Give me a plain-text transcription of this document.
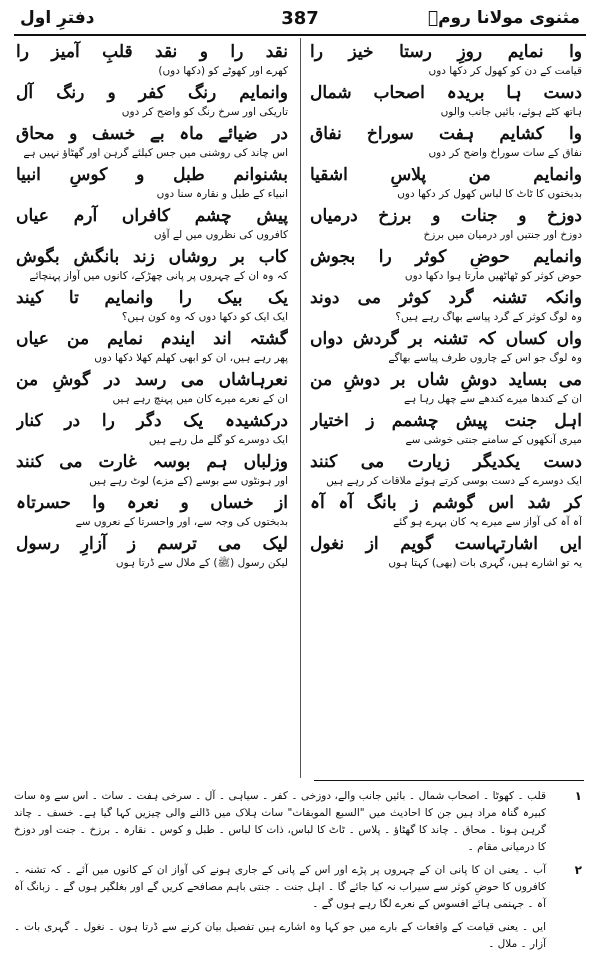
مثنوی مولانا رومؒ
387
دفترِ اول
وا نمایم روزِ رستا خیز را
قیامت کے دن کو کھول کر دکھا دوں
دست ہا بریدہ اصحاب شمال
ہاتھ کٹے ہوئے، بائیں جانب والوں
وا کشایم ہفت سوراخ نفاق
نفاق کے سات سوراخ واضح کر دوں
وانمایم من پلاسِ اشقیا
بدبختوں کا ٹاٹ کا لباس کھول کر دکھا دوں
دوزخ و جنات و برزخ درمیاں
دوزخ اور جنتیں اور درمیان میں برزخ
وانمایم حوضِ کوثر را بجوش
حوض کوثر کو ٹھاٹھیں مارتا ہوا دکھا دوں
وانکہ تشنہ گرد کوثر می دوند
وہ لوگ کوثر کے گرد پیاسے بھاگ رہے ہیں؟
واں کساں کہ تشنہ بر گردش دواں
وہ لوگ جو اس کے چاروں طرف پیاسے بھاگے
می بساید دوشِ شاں بر دوشِ من
ان کے کندھا میرے کندھے سے چھل رہا ہے
اہل جنت پیش چشمم ز اختیار
میری آنکھوں کے سامنے جنتی خوشی سے
دست یکدیگر زیارت می کنند
ایک دوسرے کے دست بوسی کرتے ہوئے ملاقات کر رہے ہیں
کر شد اس گوشم ز بانگ آہ آہ
آہ آہ کی آواز سے میرے یہ کان بہرے ہو گئے
ایں اشارتہاست گویم از نغول
یہ تو اشارے ہیں، گہری بات (بھی) کہتا ہوں
نقد را و نقد قلبِ آمیز را
کھرے اور کھوٹے کو (دکھا دوں)
وانمایم رنگ کفر و رنگ آل
تاریکی اور سرخ رنگ کو واضح کر دوں
در ضیائے ماہ بے خسف و محاق
اس چاند کی روشنی میں جس کیلئے گرہن اور گھٹاؤ نہیں ہے
بشنوانم طبل و کوسِ انبیا
انبیاء کے طبل و نقارہ سنا دوں
پیش چشم کافراں آرم عیاں
کافروں کی نظروں میں لے آؤں
کاب بر روشاں زند بانگش بگوش
کہ وہ ان کے چہروں پر پانی چھڑکے، کانوں میں آواز پہنچائے
یک بیک را وانمایم تا کیند
ایک ایک کو دکھا دوں کہ وہ کون ہیں؟
گشتہ اند ایندم نمایم من عیاں
پھر رہے ہیں، ان کو ابھی کھلم کھلا دکھا دوں
نعرہاشاں می رسد در گوشِ من
ان کے نعرے میرے کان میں پہنچ رہے ہیں
درکشیدہ یک دگر را در کنار
ایک دوسرے کو گلے مل رہے ہیں
وزلباں ہم بوسہ غارت می کنند
اور ہونٹوں سے بوسے (کے مزے) لوٹ رہے ہیں
از خساں و نعرہ وا حسرتاہ
بدبختوں کی وجہ سے، اور واحسرتا کے نعروں سے
لیک می ترسم ز آزارِ رسول
لیکن رسول (ﷺ) کے ملال سے ڈرتا ہوں
۱
قلب ۔ کھوٹا ۔ اصحاب شمال ۔ بائیں جانب والے، دوزخی ۔ کفر ۔ سیاہی ۔ آل ۔ سرخی ہفت ۔ سات ۔ اس سے وہ سات کبیرہ گناہ مراد ہیں جن کا احادیث میں "السبع الموبقات" سات ہلاک میں ڈالنے والی چیزیں کہا گیا ہے۔ خسف ۔ چاند گرہن ہونا ۔ محاق ۔ چاند کا گھٹاؤ ۔ پلاس ۔ ٹاٹ کا لباس، ذات کا لباس ۔ طبل و کوس ۔ نقارہ ۔ برزخ ۔ جنت اور دوزخ کا درمیانی مقام ۔
۲
آب ۔ یعنی ان کا پانی ان کے چہروں پر پڑے اور اس کے پانی کے جاری ہونے کی آواز ان کے کانوں میں آئے ۔ کہ تشنہ ۔ کافروں کا حوضِ کوثر سے سیراب نہ کیا جائے گا ۔ اہل جنت ۔ جنتی باہم مصافحے کریں گے اور بغلگیر ہوں گے ۔ زبانگ آہ آہ ۔ جہنمی ہائے افسوس کے نعرے لگا رہے ہوں گے ۔
ایں ۔ یعنی قیامت کے واقعات کے بارے میں جو کہا وہ اشارے ہیں تفصیل بیان کرنے سے ڈرتا ہوں ۔ نغول ۔ گہری بات ۔ آزار ۔ ملال ۔
